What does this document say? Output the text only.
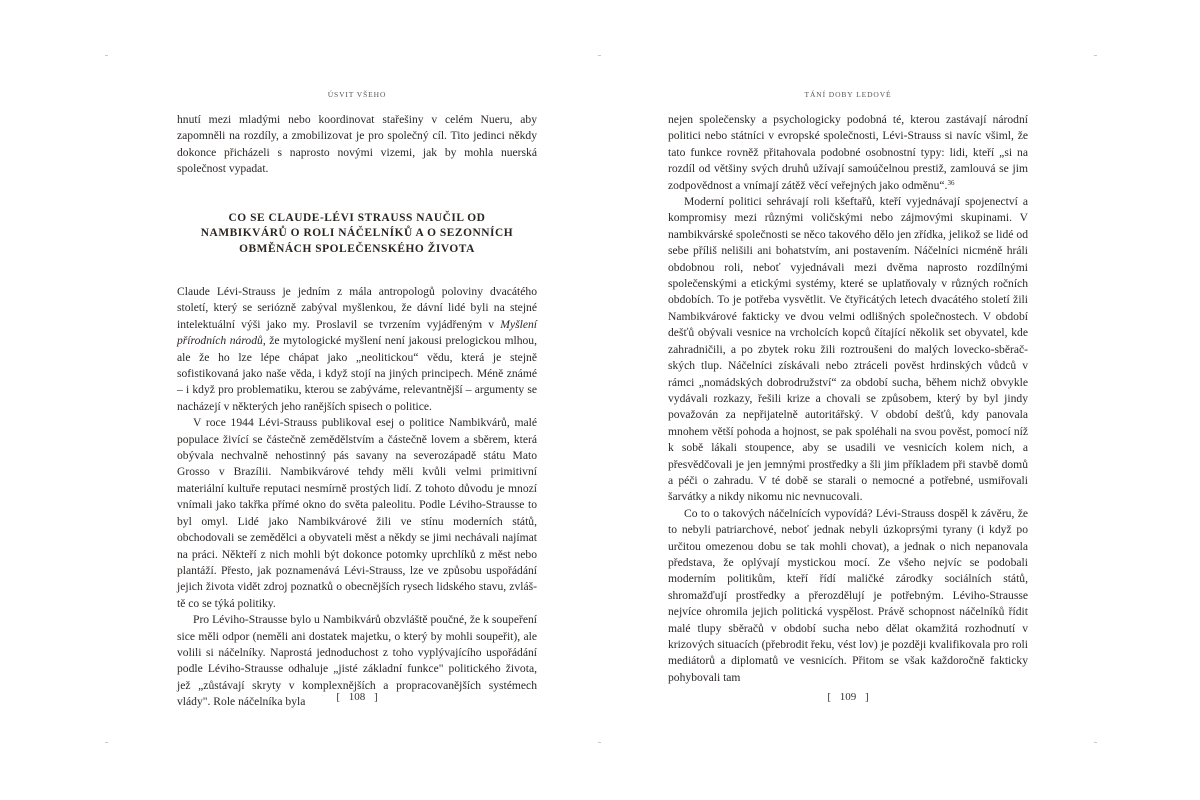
ÚSVIT VŠEHO

hnutí mezi mladými nebo koordinovat stařešiny v celém Nueru, aby zapomněli na rozdíly, a zmobilizovat je pro společný cíl. Tito jedinci někdy dokonce přicházeli s naprosto novými vizemi, jak by mohla nuerská společnost vypadat.

CO SE CLAUDE-LÉVI STRAUSS NAUČIL OD
NAMBIKVÁRŮ O ROLI NÁČELNÍKŮ A O SEZONNÍCH
OBMĚNÁCH SPOLEČENSKÉHO ŽIVOTA

Claude Lévi-Strauss je jedním z mála antropologů poloviny dvacátého století, který se seriózně zabýval myšlenkou, že dávní lidé byli na stejné intelektuální výši jako my. Proslavil se tvrzením vyjádřeným v Myšlení přírodních národů, že mytologické myšlení není jakousi prelogickou mlhou, ale že ho lze lépe chápat jako „neolitickou“ vědu, která je stejně sofistikovaná jako naše věda, i když stojí na jiných principech. Méně známé – i když pro problematiku, kterou se zabýváme, relevantnější – argumenty se nacházejí v některých jeho ranějších spisech o politice.

V roce 1944 Lévi-Strauss publikoval esej o politice Nambikvárů, malé populace živící se částečně zemědělstvím a částečně lovem a sběrem, která obývala nechvalně nehostinný pás savany na severozápadě státu Mato Grosso v Brazílii. Nambikvárové tehdy měli kvůli velmi primitivní materiální kultuře reputaci nesmírně prostých lidí. Z tohoto důvodu je mnozí vnímali jako takřka přímé okno do světa paleolitu. Podle Léviho-Strausse to byl omyl. Lidé jako Nambikvárové žili ve stínu moderních států, obchodovali se zemědělci a obyvateli měst a někdy se jimi nechávali najímat na práci. Někteří z nich mohli být dokonce potomky uprchlíků z měst nebo plantáží. Přesto, jak poznamenává Lévi-Strauss, lze ve způsobu uspořádání jejich života vidět zdroj poznatků o obecnějších rysech lidského stavu, zvláště co se týká politiky.

Pro Léviho-Strausse bylo u Nambikvárů obzvláště poučné, že k soupeření sice měli odpor (neměli ani dostatek majetku, o který by mohli soupeřit), ale volili si náčelníky. Naprostá jednoduchost z toho vyplývajícího uspořádání podle Léviho-Strausse odhaluje „jisté základní funkce" politického života, jež „zůstávají skryty v komplexnějších a propracovanějších systémech vlády". Role náčelníka byla	[ 108 ]
TÁNÍ DOBY LEDOVÉ

nejen společensky a psychologicky podobná té, kterou zastávají národní politici nebo státníci v evropské společnosti, Lévi-Strauss si navíc všiml, že tato funkce rovněž přitahovala podobné osobnostní typy: lidi, kteří „si na rozdíl od většiny svých druhů užívají samoúčelnou prestiž, zamlouvá se jim zodpovědnost a vnímají zátěž věcí veřejných jako odměnu“.$^{36}$

Moderní politici sehrávají roli kšeftařů, kteří vyjednávají spojenectví a kompromisy mezi různými voličskými nebo zájmovými skupinami. V nambikvárské společnosti se něco takového dělo jen zřídka, jelikož se lidé od sebe příliš nelišili ani bohatstvím, ani postavením. Náčelníci nicméně hráli obdobnou roli, neboť vyjednávali mezi dvěma naprosto rozdílnými společenskými a etickými systémy, které se uplatňovaly v různých ročních obdobích. To je potřeba vysvětlit. Ve čtyřicátých letech dvacátého století žili Nambikvárové fakticky ve dvou velmi odlišných společnostech. V období dešťů obývali vesnice na vrcholcích kopců čítající několik set obyvatel, kde zahradničili, a po zbytek roku žili roztroušeni do malých lovecko-sběračských tlup. Náčelníci získávali nebo ztráceli pověst hrdinských vůdců v rámci „nomádských dobrodružství“ za období sucha, během nichž obvykle vydávali rozkazy, řešili krize a chovali se způsobem, který by byl jindy považován za nepřijatelně autoritářský. V období dešťů, kdy panovala mnohem větší pohoda a hojnost, se pak spoléhali na svou pověst, pomocí níž k sobě lákali stoupence, aby se usadili ve vesnicích kolem nich, a přesvědčovali je jen jemnými prostředky a šli jim příkladem při stavbě domů a péči o zahradu. V té době se starali o nemocné a potřebné, usmiřovali šarvátky a nikdy nikomu nic nevnucovali.

Co to o takových náčelnících vypovídá? Lévi-Strauss dospěl k závěru, že to nebyli patriarchové, neboť jednak nebyli úzkoprsými tyrany (i když po určitou omezenou dobu se tak mohli chovat), a jednak o nich nepanovala představa, že oplývají mystickou mocí. Ze všeho nejvíc se podobali moderním politikům, kteří řídí maličké zárodky sociálních států, shromažďují prostředky a přerozdělují je potřebným. Léviho-Strausse nejvíce ohromila jejich politická vyspělost. Právě schopnost náčelníků řídit malé tlupy sběračů v období sucha nebo dělat okamžitá rozhodnutí v krizových situacích (přebrodit řeku, vést lov) je později kvalifikovala pro roli mediátorů a diplomatů ve vesnicích. Přitom se však každoročně fakticky pohybovali tam

[ 109 ]
